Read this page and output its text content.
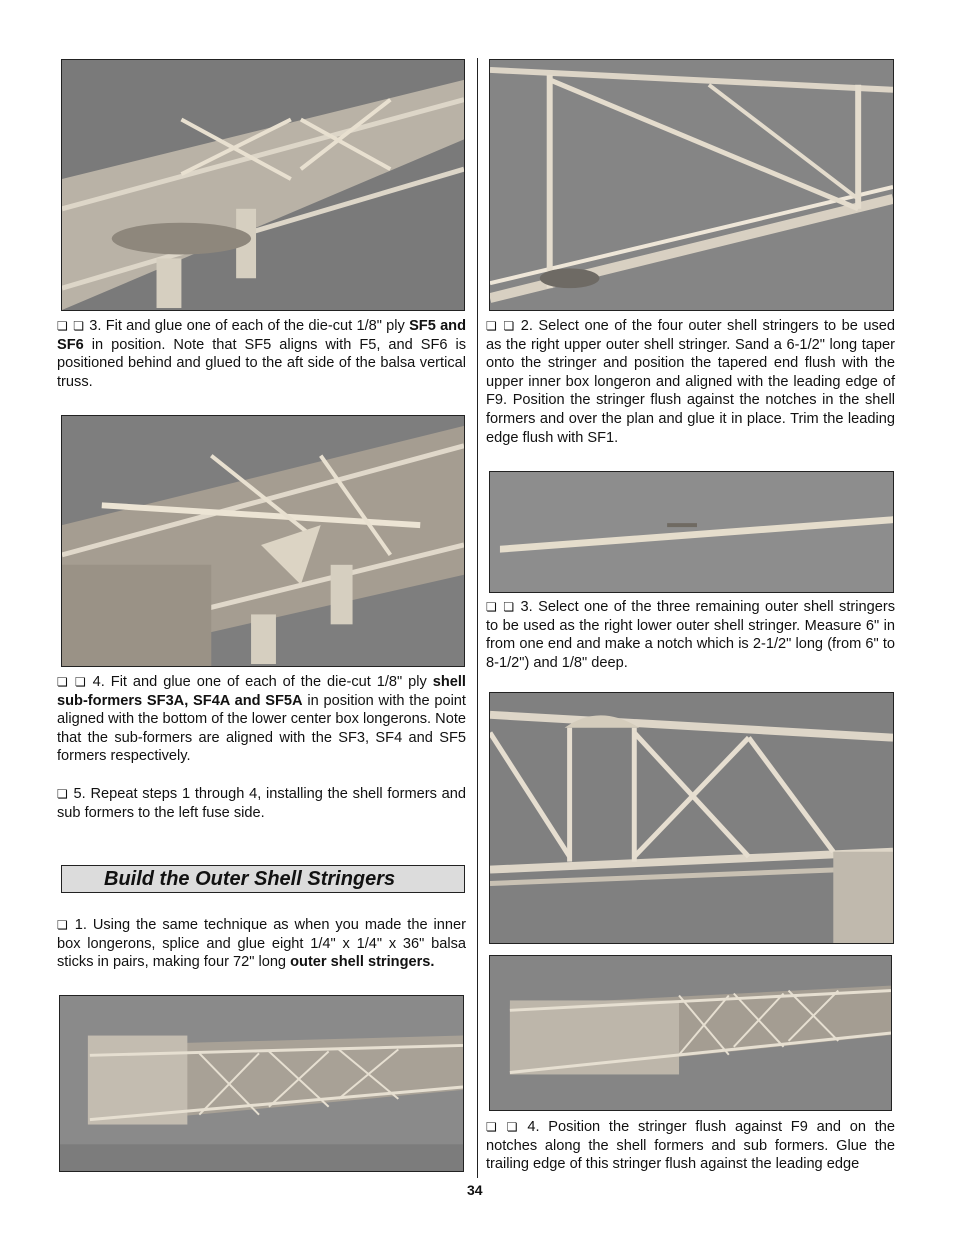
❏ ❏ 3. Fit and glue one of each of the die-cut 1/8" ply SF5 and SF6 in position. Note that SF5 aligns with F5, and SF6 is positioned behind and glued to the aft side of the balsa vertical truss.
❏ ❏ 4. Fit and glue one of each of the die-cut 1/8" ply shell sub-formers SF3A, SF4A and SF5A in position with the point aligned with the bottom of the lower center box longerons. Note that the sub-formers are aligned with the SF3, SF4 and SF5 formers respectively.
❏ 5. Repeat steps 1 through 4, installing the shell formers and sub formers to the left fuse side.
Build the Outer Shell Stringers
❏ 1. Using the same technique as when you made the inner box longerons, splice and glue eight 1/4" x 1/4" x 36" balsa sticks in pairs, making four 72" long outer shell stringers.
❏ ❏ 2. Select one of the four outer shell stringers to be used as the right upper outer shell stringer. Sand a 6-1/2" long taper onto the stringer and position the tapered end flush with the upper inner box longeron and aligned with the leading edge of F9. Position the stringer flush against the notches in the shell formers and over the plan and glue it in place. Trim the leading edge flush with SF1.
❏ ❏ 3. Select one of the three remaining outer shell stringers to be used as the right lower outer shell stringer. Measure 6" in from one end and make a notch which is 2-1/2" long (from 6" to 8-1/2") and 1/8" deep.
❏ ❏ 4. Position the stringer flush against F9 and on the notches along the shell formers and sub formers. Glue the trailing edge of this stringer flush against the leading edge
34
